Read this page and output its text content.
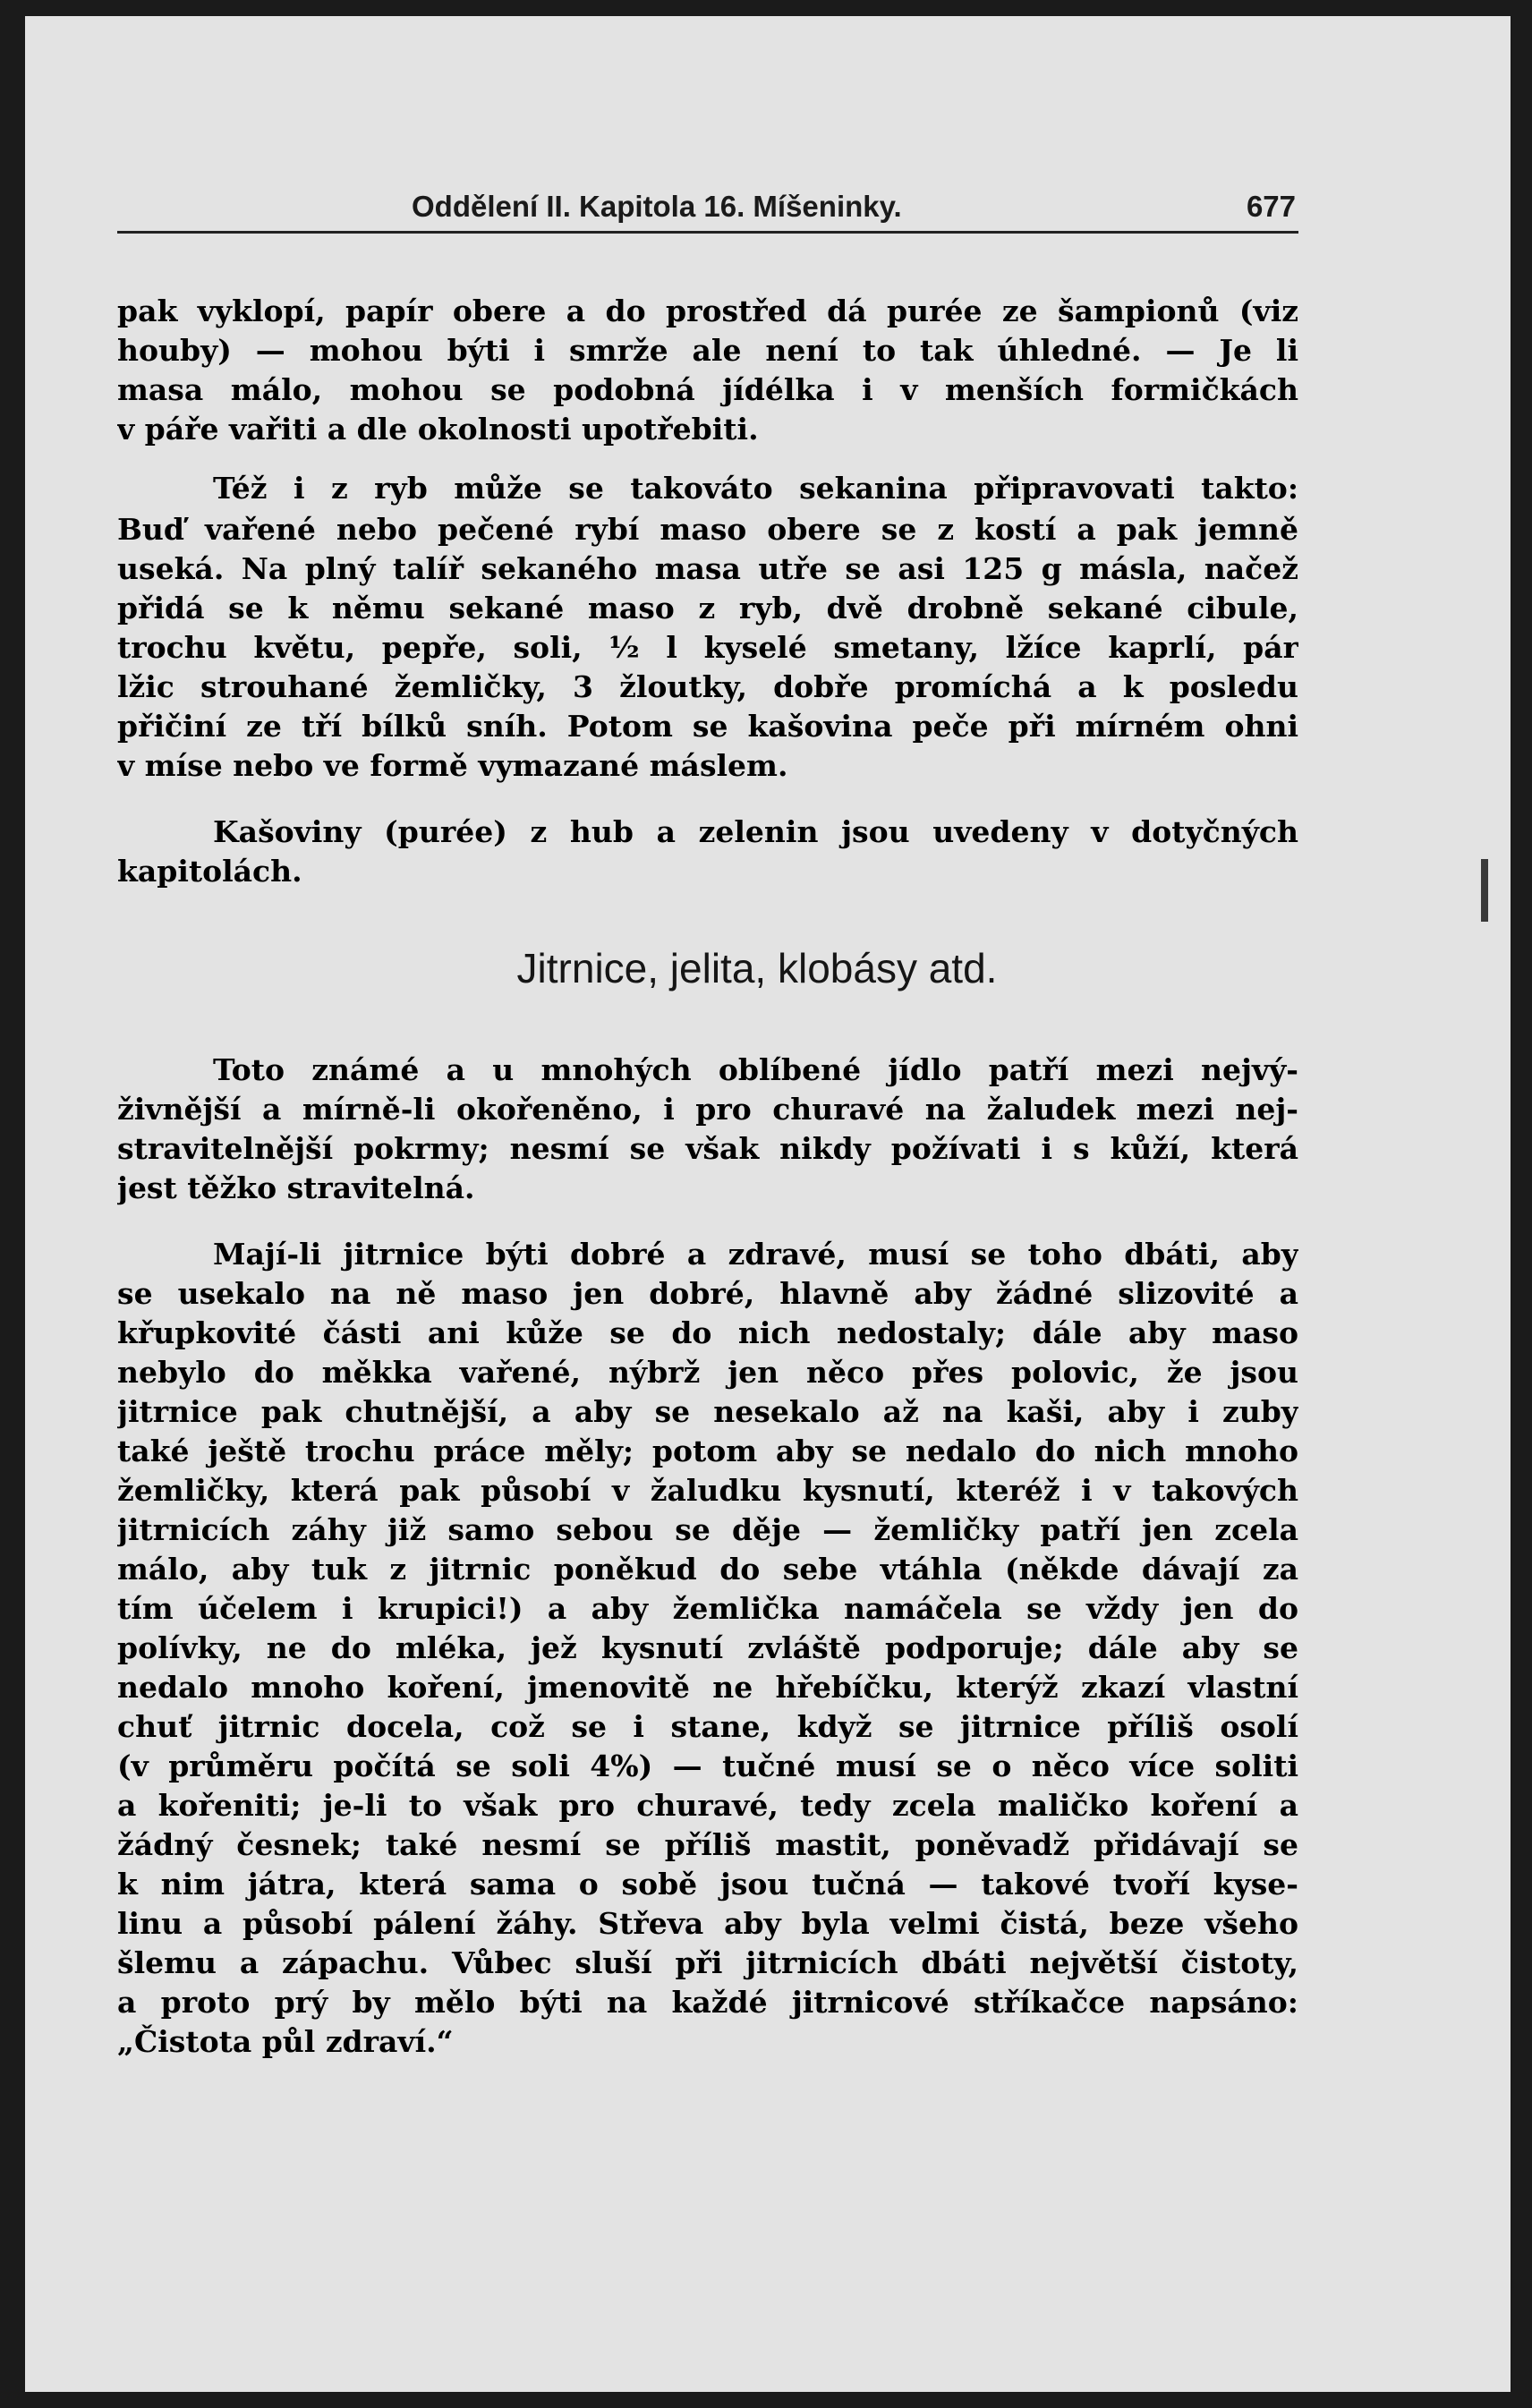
Oddělení II. Kapitola 16. Míšeninky.	677
pak vyklopí, papír obere a do prostřed dá purée ze šampionů (viz
houby) — mohou býti i smrže ale není to tak úhledné. — Je li
masa málo, mohou se podobná jídélka i v menších formičkách
v páře vařiti a dle okolnosti upotřebiti.
Též i z ryb může se takováto sekanina připravovati takto:
Buď vařené nebo pečené rybí maso obere se z kostí a pak jemně
useká. Na plný talíř sekaného masa utře se asi 125 g másla, načež
přidá se k němu sekané maso z ryb, dvě drobně sekané cibule,
trochu květu, pepře, soli, ½ l kyselé smetany, lžíce kaprlí, pár
lžic strouhané žemličky, 3 žloutky, dobře promíchá a k posledu
přičiní ze tří bílků sníh. Potom se kašovina peče při mírném ohni
v míse nebo ve formě vymazané máslem.
Kašoviny (purée) z hub a zelenin jsou uvedeny v dotyčných
kapitolách.
Jitrnice, jelita, klobásy atd.
Toto známé a u mnohých oblíbené jídlo patří mezi nejvý-
živnější a mírně-li okořeněno, i pro churavé na žaludek mezi nej-
stravitelnější pokrmy; nesmí se však nikdy požívati i s kůží, která
jest těžko stravitelná.
Mají-li jitrnice býti dobré a zdravé, musí se toho dbáti, aby
se usekalo na ně maso jen dobré, hlavně aby žádné slizovité a
křupkovité části ani kůže se do nich nedostaly; dále aby maso
nebylo do měkka vařené, nýbrž jen něco přes polovic, že jsou
jitrnice pak chutnější, a aby se nesekalo až na kaši, aby i zuby
také ještě trochu práce měly; potom aby se nedalo do nich mnoho
žemličky, která pak působí v žaludku kysnutí, kteréž i v takových
jitrnicích záhy již samo sebou se děje — žemličky patří jen zcela
málo, aby tuk z jitrnic poněkud do sebe vtáhla (někde dávají za
tím účelem i krupici!) a aby žemlička namáčela se vždy jen do
polívky, ne do mléka, jež kysnutí zvláště podporuje; dále aby se
nedalo mnoho koření, jmenovitě ne hřebíčku, kterýž zkazí vlastní
chuť jitrnic docela, což se i stane, když se jitrnice příliš osolí
(v průměru počítá se soli 4%) — tučné musí se o něco více soliti
a kořeniti; je-li to však pro churavé, tedy zcela maličko koření a
žádný česnek; také nesmí se příliš mastit, poněvadž přidávají se
k nim játra, která sama o sobě jsou tučná — takové tvoří kyse-
linu a působí pálení žáhy. Střeva aby byla velmi čistá, beze všeho
šlemu a zápachu. Vůbec sluší při jitrnicích dbáti největší čistoty,
a proto prý by mělo býti na každé jitrnicové stříkačce napsáno:
„Čistota půl zdraví.“
